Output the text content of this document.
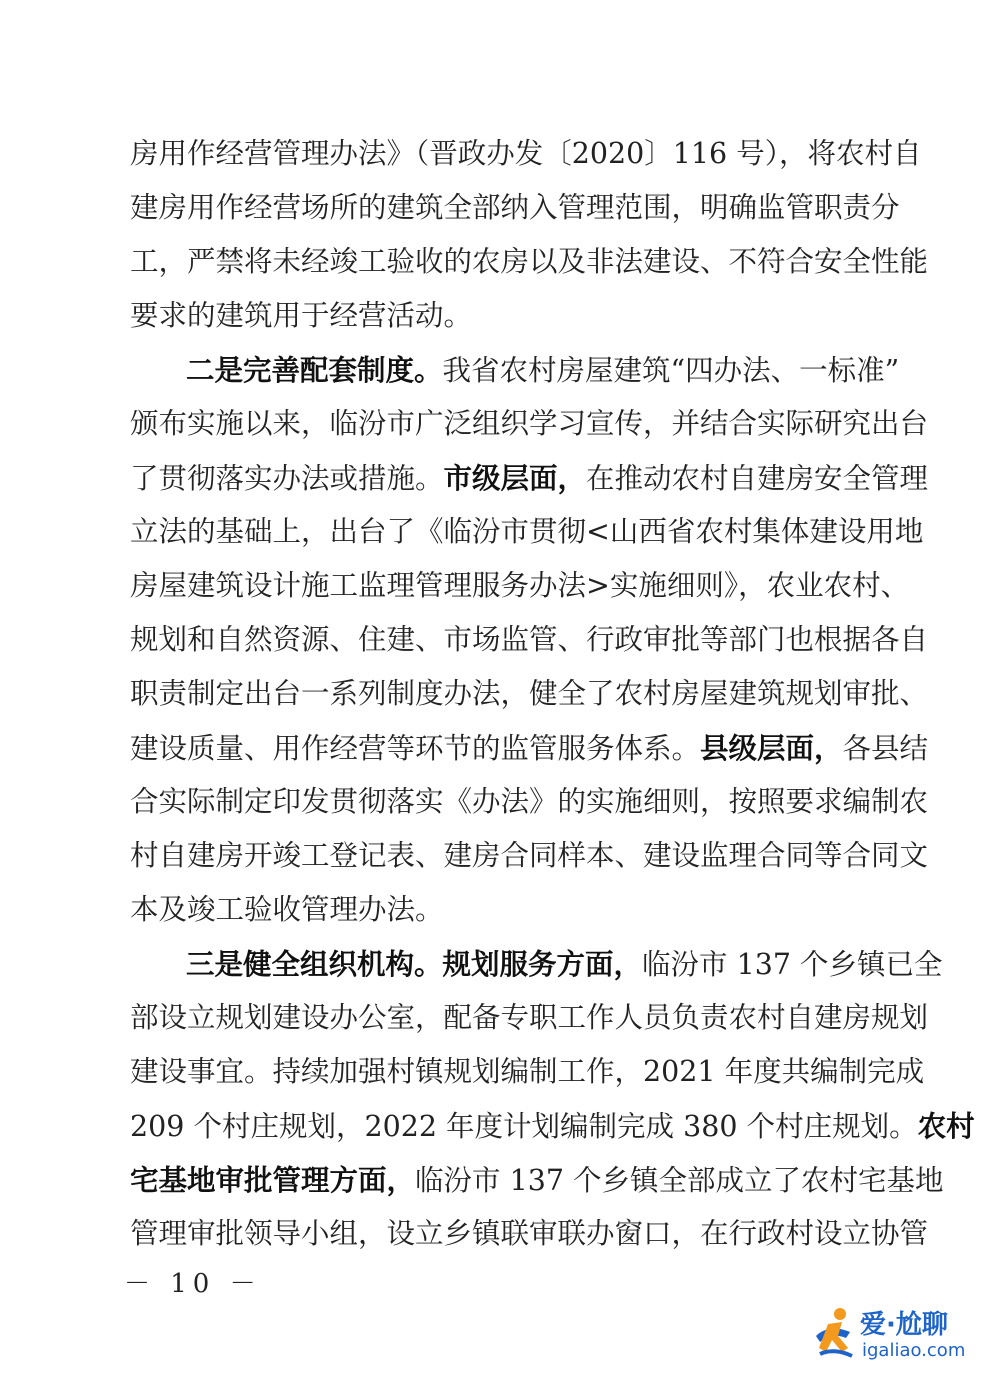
房用作经营管理办法》（晋政办发〔2020〕116 号），将农村自
建房用作经营场所的建筑全部纳入管理范围，明确监管职责分
工，严禁将未经竣工验收的农房以及非法建设、不符合安全性能
要求的建筑用于经营活动。
二是完善配套制度。我省农村房屋建筑“四办法、一标准”
颁布实施以来，临汾市广泛组织学习宣传，并结合实际研究出台
了贯彻落实办法或措施。市级层面，在推动农村自建房安全管理
立法的基础上，出台了《临汾市贯彻<山西省农村集体建设用地
房屋建筑设计施工监理管理服务办法>实施细则》，农业农村、
规划和自然资源、住建、市场监管、行政审批等部门也根据各自
职责制定出台一系列制度办法，健全了农村房屋建筑规划审批、
建设质量、用作经营等环节的监管服务体系。县级层面，各县结
合实际制定印发贯彻落实《办法》的实施细则，按照要求编制农
村自建房开竣工登记表、建房合同样本、建设监理合同等合同文
本及竣工验收管理办法。
三是健全组织机构。规划服务方面，临汾市 137 个乡镇已全
部设立规划建设办公室，配备专职工作人员负责农村自建房规划
建设事宜。持续加强村镇规划编制工作，2021 年度共编制完成
209 个村庄规划，2022 年度计划编制完成 380 个村庄规划。农村
宅基地审批管理方面，临汾市 137 个乡镇全部成立了农村宅基地
管理审批领导小组，设立乡镇联审联办窗口，在行政村设立协管
－ 10 －
爱·尬聊
igaliao.com
